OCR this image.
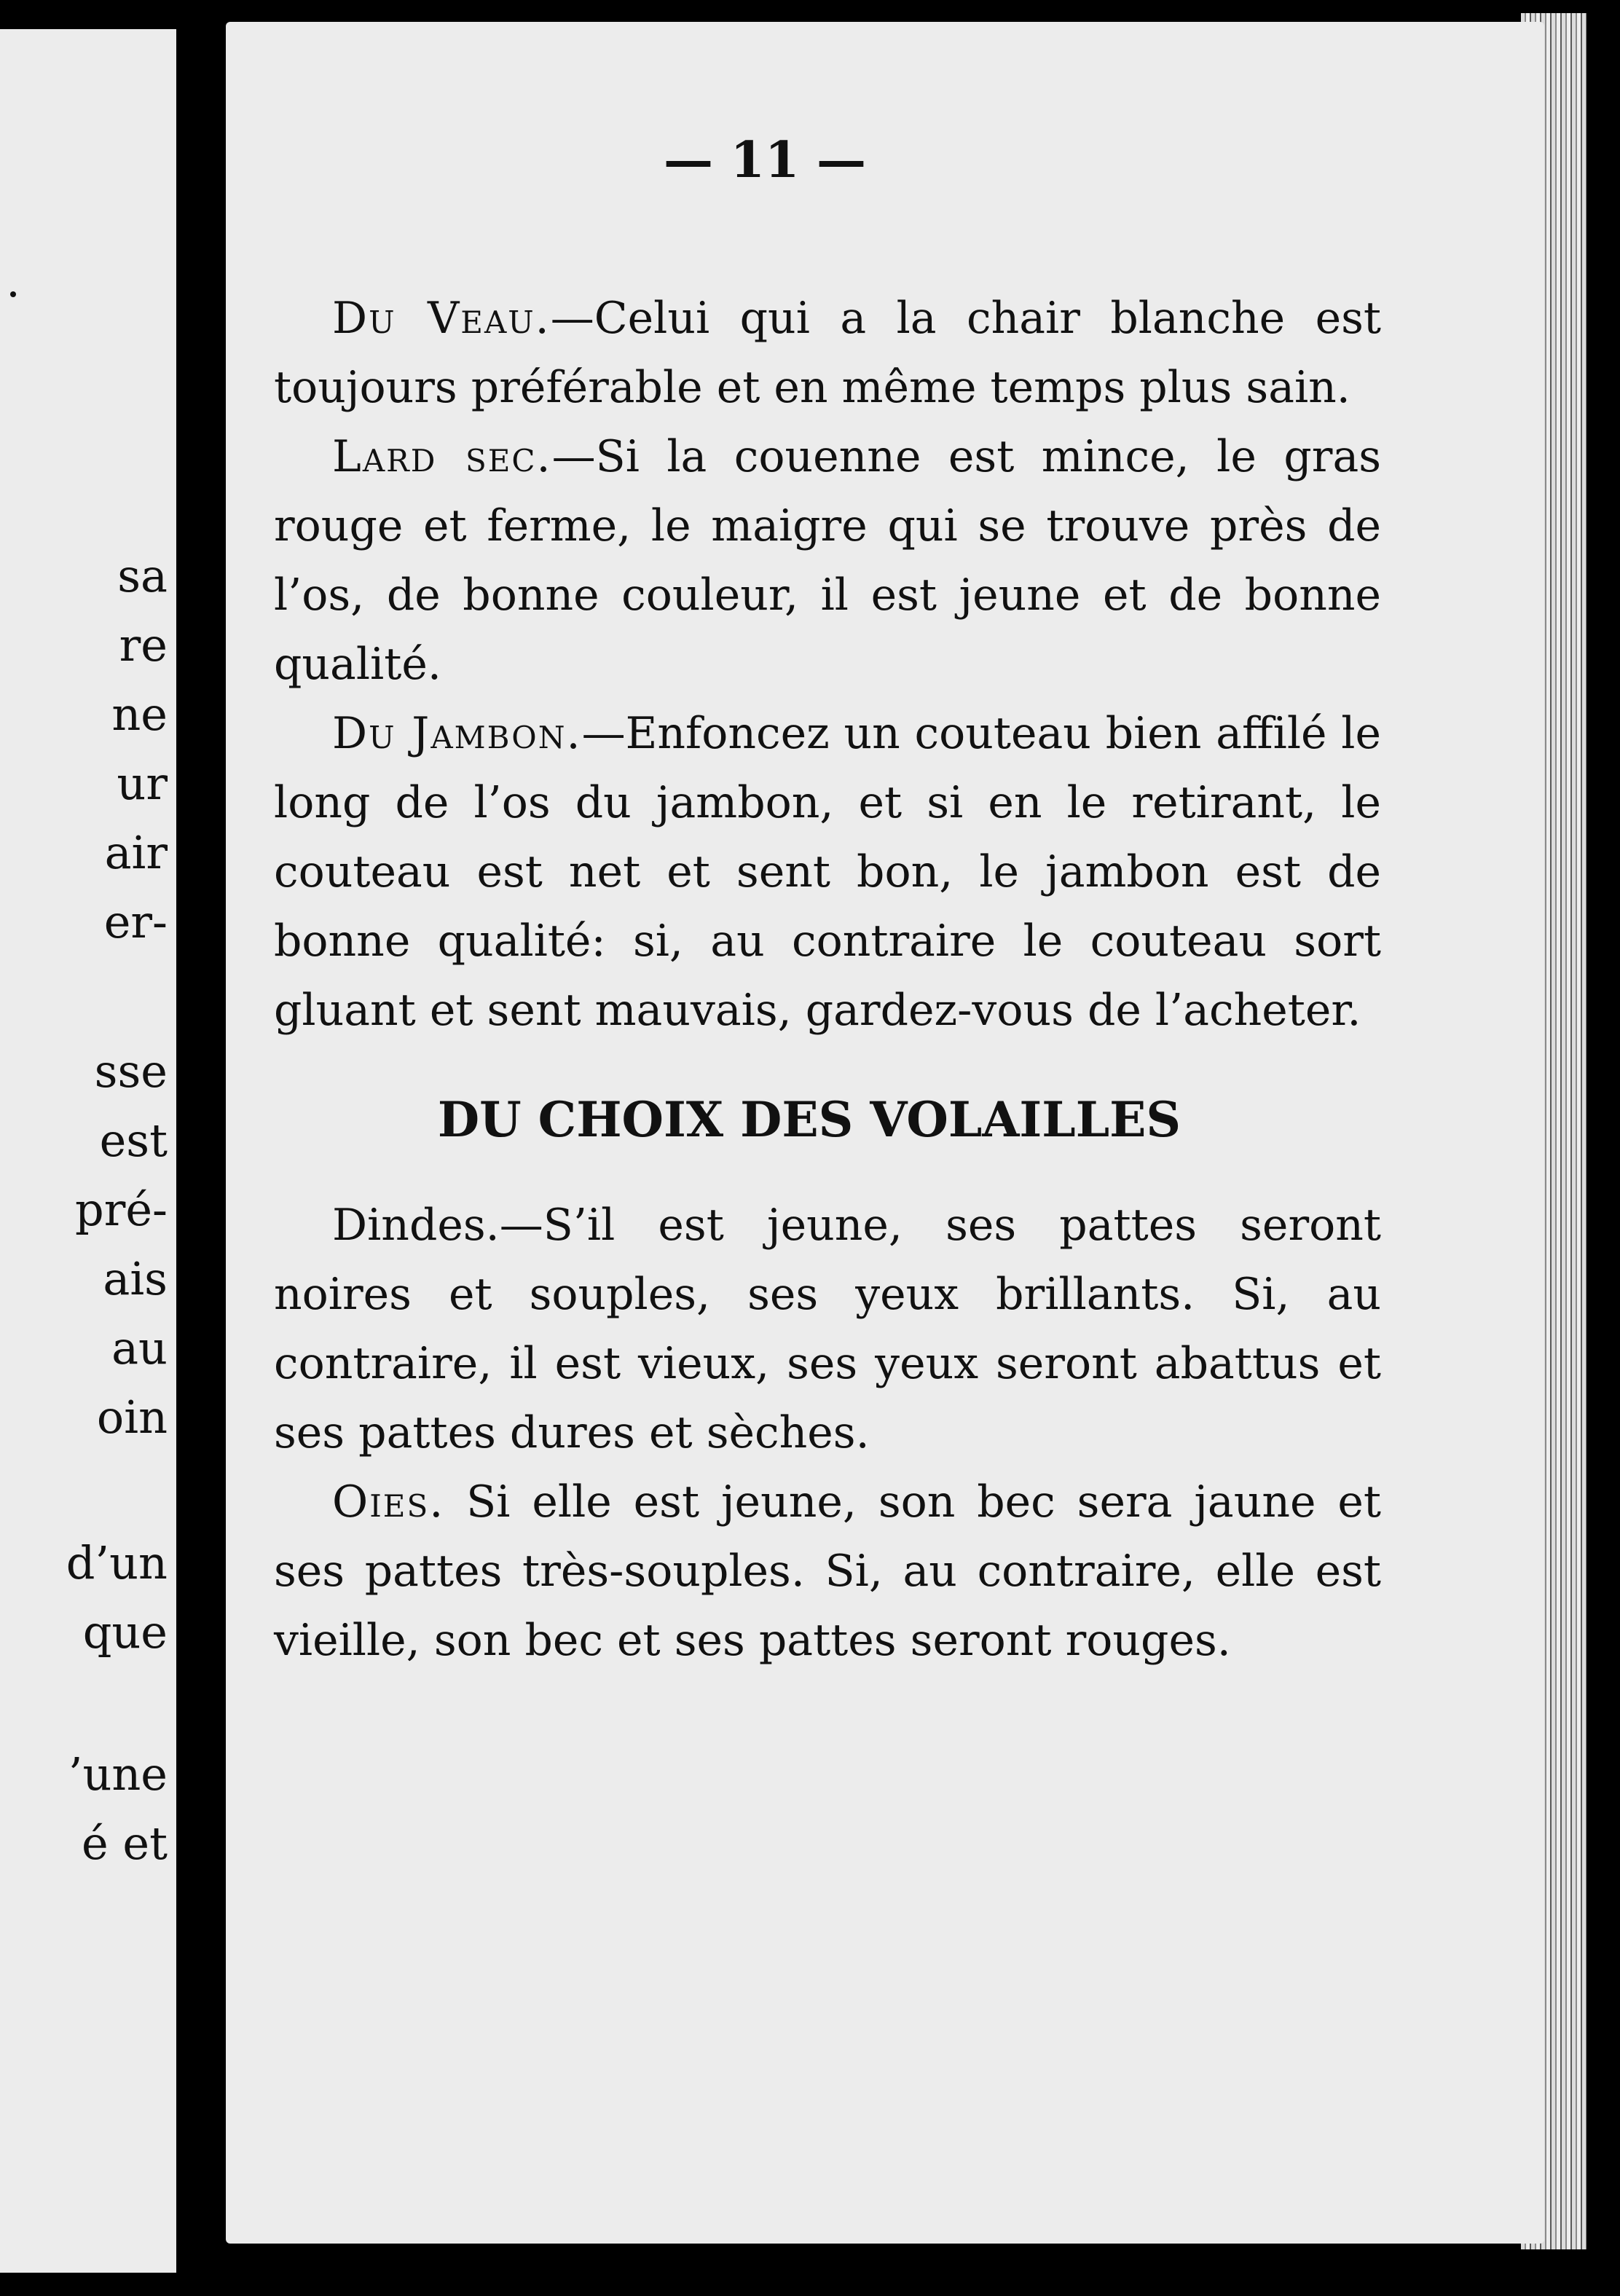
sa
re
ne
ur
air
er-
sse
est
pré-
ais
au
oin
d’un
que
’une
é et
— 11 —

Du Veau.—Celui qui a la chair blanche est toujours préférable et en même temps plus sain.

Lard sec.—Si la couenne est mince, le gras rouge et ferme, le maigre qui se trouve près de l’os, de bonne couleur, il est jeune et de bonne qualité.

Du Jambon.—Enfoncez un couteau bien affilé le long de l’os du jambon, et si en le retirant, le couteau est net et sent bon, le jambon est de bonne qualité: si, au contraire le couteau sort gluant et sent mauvais, gardez-vous de l’acheter.

DU CHOIX DES VOLAILLES

Dindes.—S’il est jeune, ses pattes seront noires et souples, ses yeux brillants. Si, au contraire, il est vieux, ses yeux seront abattus et ses pattes dures et sèches.

Oies. Si elle est jeune, son bec sera jaune et ses pattes très-souples. Si, au contraire, elle est vieille, son bec et ses pattes seront rouges.
